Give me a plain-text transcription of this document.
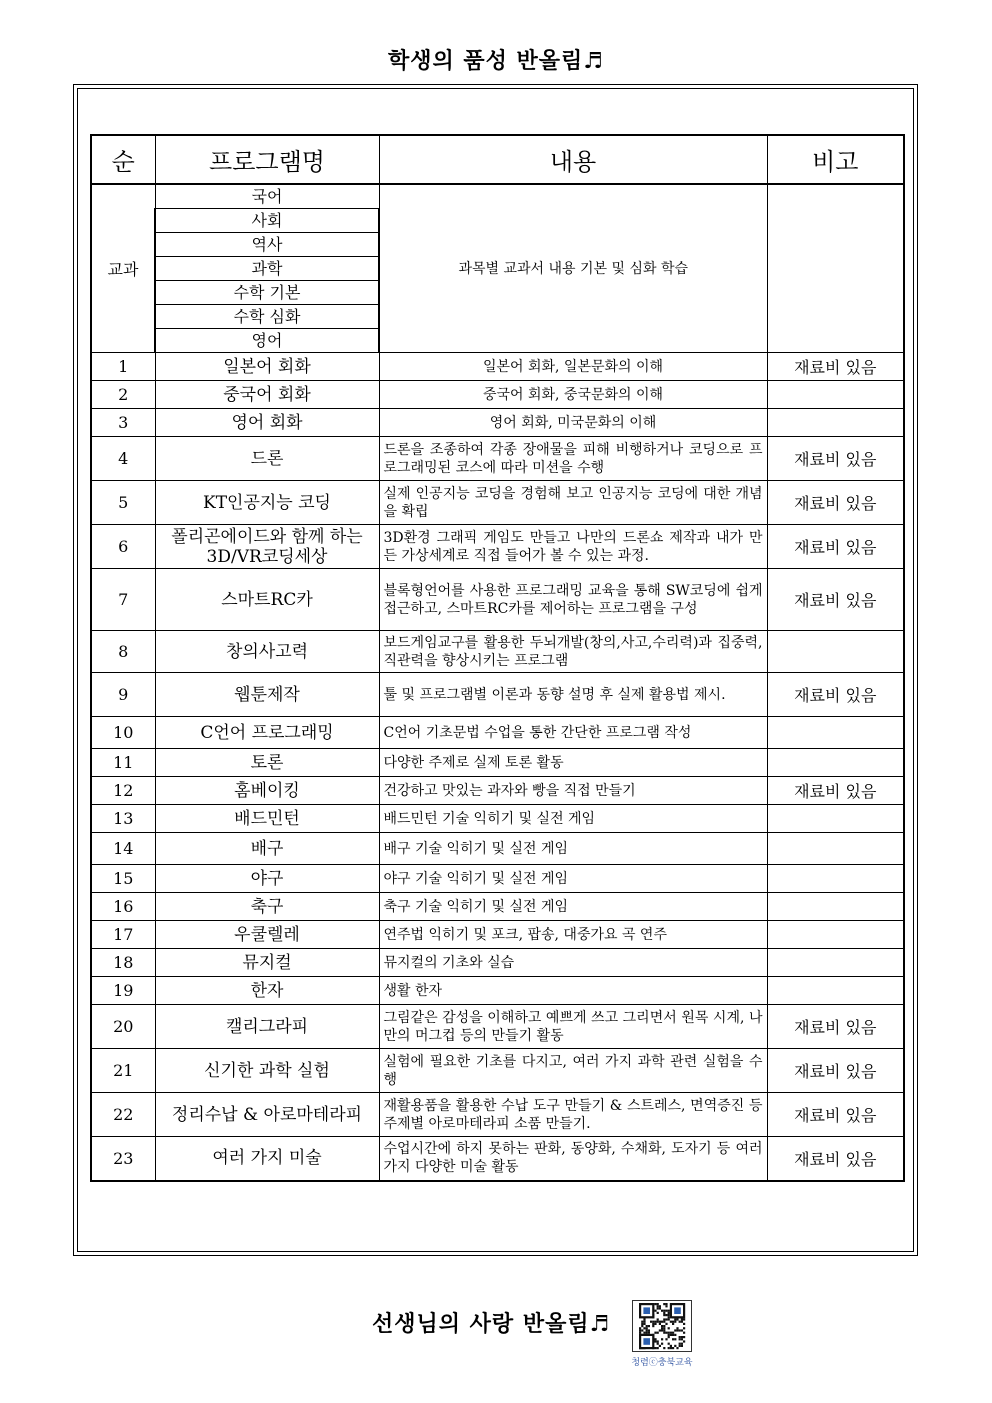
학생의 품성 반올림♬
순	프로그램명	내용	비고
교과	국어	과목별 교과서 내용 기본 및 심화 학습	
	사회		
	역사		
	과학		
	수학 기본		
	수학 심화		
	영어		
1	일본어 회화	일본어 회화, 일본문화의 이해	재료비 있음
2	중국어 회화	중국어 회화, 중국문화의 이해	
3	영어 회화	영어 회화, 미국문화의 이해	
4	드론	드론을 조종하여 각종 장애물을 피해 비행하거나 코딩으로 프로그래밍된 코스에 따라 미션을 수행	재료비 있음
5	KT인공지능 코딩	실제 인공지능 코딩을 경험해 보고 인공지능 코딩에 대한 개념을 확립	재료비 있음
6	폴리곤에이드와 함께 하는 3D/VR코딩세상	3D환경 그래픽 게임도 만들고 나만의 드론쇼 제작과 내가 만든 가상세계로 직접 들어가 볼 수 있는 과정.	재료비 있음
7	스마트RC카	블록형언어를 사용한 프로그래밍 교육을 통해 SW코딩에 쉽게 접근하고, 스마트RC카를 제어하는 프로그램을 구성	재료비 있음
8	창의사고력	보드게임교구를 활용한 두뇌개발(창의,사고,수리력)과 집중력, 직관력을 향상시키는 프로그램	
9	웹툰제작	툴 및 프로그램별 이론과 동향 설명 후 실제 활용법 제시.	재료비 있음
10	C언어 프로그래밍	C언어 기초문법 수업을 통한 간단한 프로그램 작성	
11	토론	다양한 주제로 실제 토론 활동	
12	홈베이킹	건강하고 맛있는 과자와 빵을 직접 만들기	재료비 있음
13	배드민턴	배드민턴 기술 익히기 및 실전 게임	
14	배구	배구 기술 익히기 및 실전 게임	
15	야구	야구 기술 익히기 및 실전 게임	
16	축구	축구 기술 익히기 및 실전 게임	
17	우쿨렐레	연주법 익히기 및 포크, 팝송, 대중가요 곡 연주	
18	뮤지컬	뮤지컬의 기초와 실습	
19	한자	생활 한자	
20	캘리그라피	그림같은 감성을 이해하고 예쁘게 쓰고 그리면서 원목 시계, 나만의 머그컵 등의 만들기 활동	재료비 있음
21	신기한 과학 실험	실험에 필요한 기초를 다지고, 여러 가지 과학 관련 실험을 수행	재료비 있음
22	정리수납 & 아로마테라피	재활용품을 활용한 수납 도구 만들기 & 스트레스, 면역증진 등 주제별 아로마테라피 소품 만들기.	재료비 있음
23	여러 가지 미술	수업시간에 하지 못하는 판화, 동양화, 수채화, 도자기 등 여러 가지 다양한 미술 활동	재료비 있음
선생님의 사랑 반올림♬
청렴ⓒ충북교육
